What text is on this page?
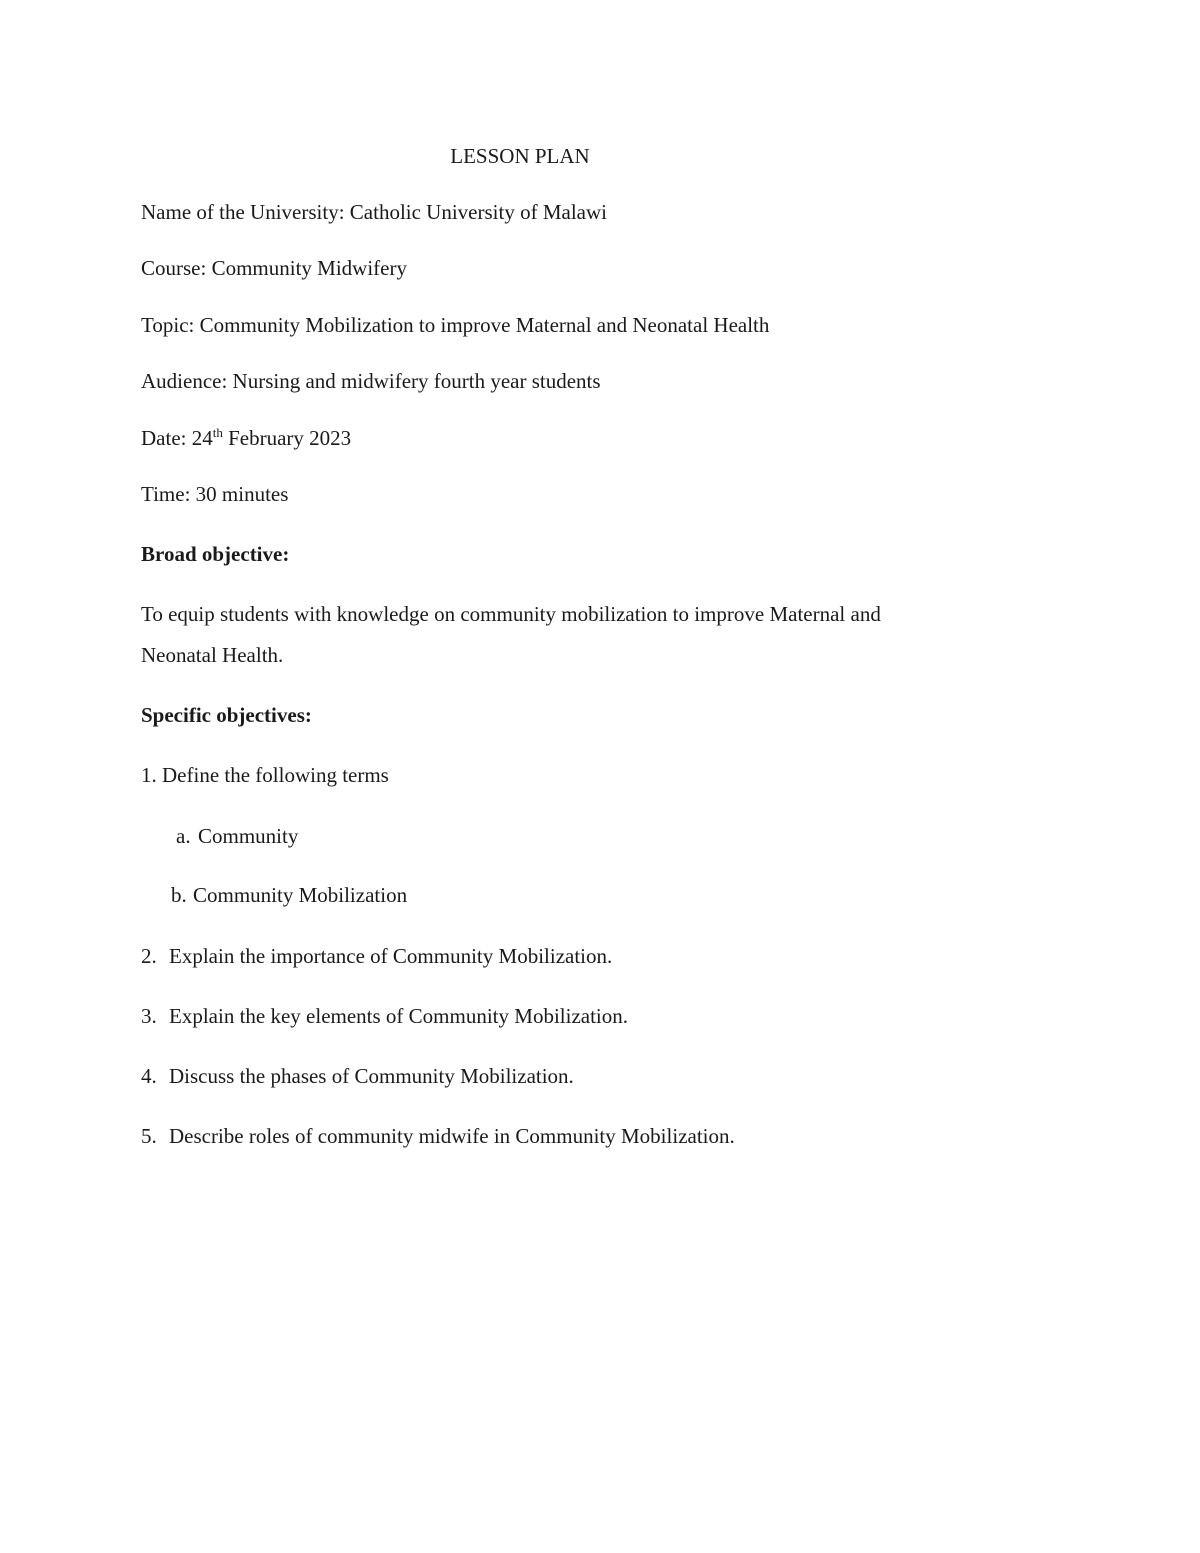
LESSON PLAN
Name of the University: Catholic University of Malawi
Course: Community Midwifery
Topic: Community Mobilization to improve Maternal and Neonatal Health
Audience: Nursing and midwifery fourth year students
Date: 24th February 2023
Time: 30 minutes
Broad objective:
To equip students with knowledge on community mobilization to improve Maternal and
Neonatal Health.
Specific objectives:
1. Define the following terms
a. Community
b. Community Mobilization
2. Explain the importance of Community Mobilization.
3. Explain the key elements of Community Mobilization.
4. Discuss the phases of Community Mobilization.
5. Describe roles of community midwife in Community Mobilization.
